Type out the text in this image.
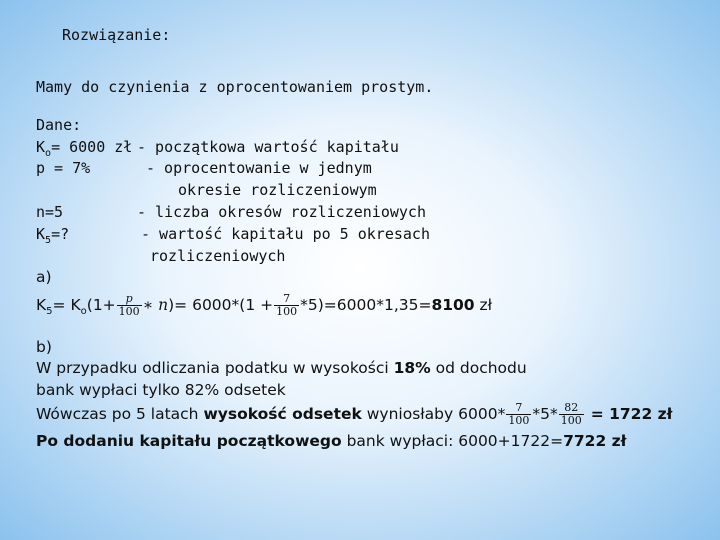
Rozwiązanie:
Mamy do czynienia z oprocentowaniem prostym.
Dane:
$K_o= 6000$ zł - początkowa wartość kapitału
p = 7%	- oprocentowanie w jednym
okresie rozliczeniowym
n=5	- liczba okresów rozliczeniowych
$K_5=$?	- wartość kapitału po 5 okresach
rozliczeniowych
a)
$K_5= K_o(1+ \frac{p}{100}$ ∗ $n)= 6000*(1 + \frac{7}{100} *5)=6000*1,35=8100$ zł
b)
W przypadku odliczania podatku w wysokości 18% od dochodu
bank wypłaci tylko 82% odsetek
Wówczas po 5 latach wysokość odsetek wyniosłaby $6000* \frac{7}{100} *5* \frac{82}{100} = 1722$ zł
Po dodaniu kapitału początkowego bank wypłaci: 6000+1722=7722 zł
